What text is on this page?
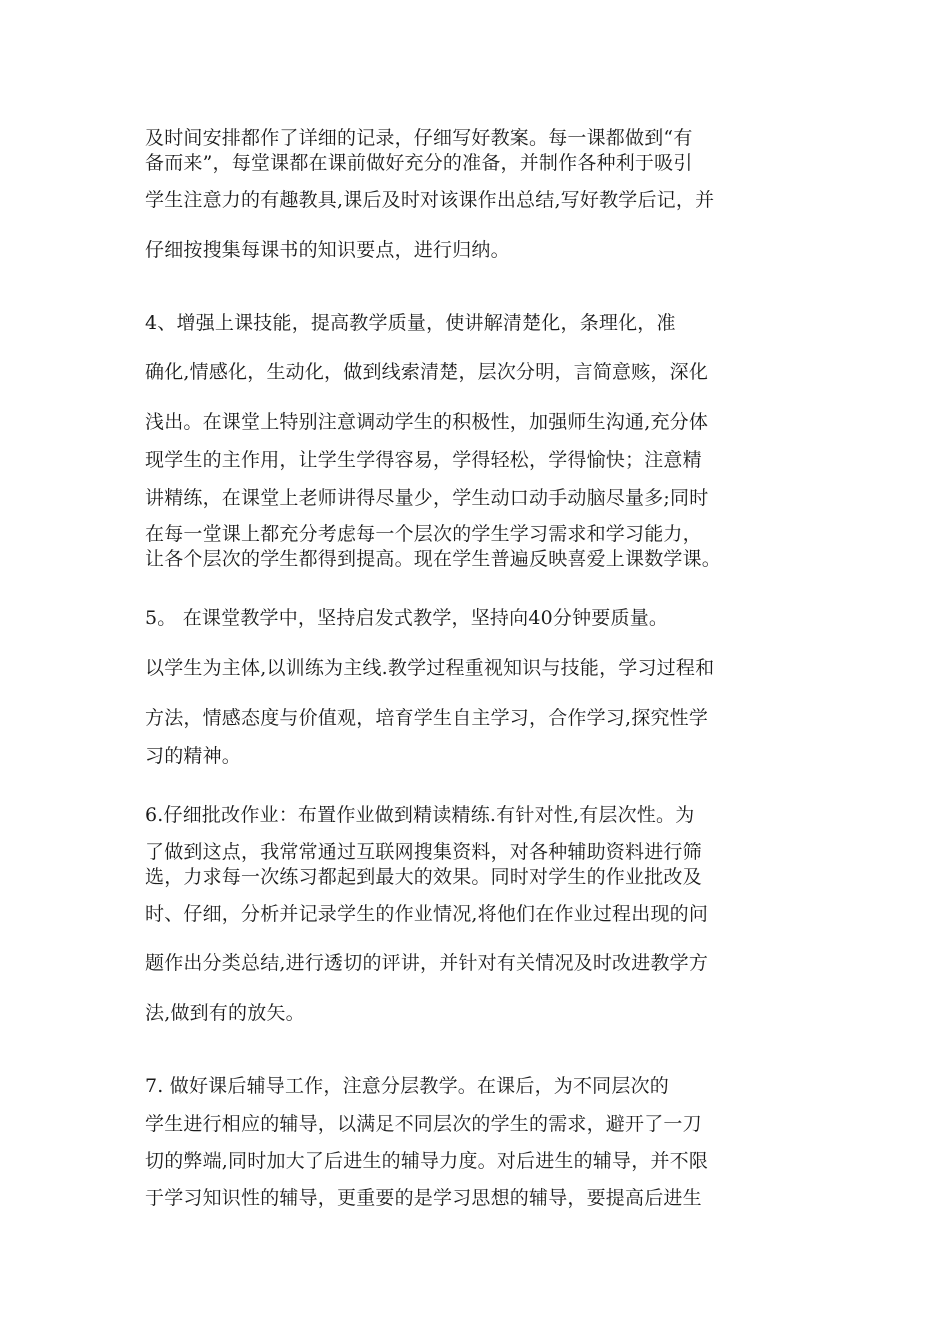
及时间安排都作了详细的记录，仔细写好教案。每一课都做到“有
备而来”，每堂课都在课前做好充分的准备，并制作各种利于吸引
学生注意力的有趣教具,课后及时对该课作出总结,写好教学后记，并
仔细按搜集每课书的知识要点，进行归纳。
4、增强上课技能，提高教学质量，使讲解清楚化，条理化，准
确化,情感化，生动化，做到线索清楚，层次分明，言简意赅，深化
浅出。在课堂上特别注意调动学生的积极性，加强师生沟通,充分体
现学生的主作用，让学生学得容易，学得轻松，学得愉快；注意精
讲精练，在课堂上老师讲得尽量少，学生动口动手动脑尽量多;同时
在每一堂课上都充分考虑每一个层次的学生学习需求和学习能力，
让各个层次的学生都得到提高。现在学生普遍反映喜爱上课数学课。
5。 在课堂教学中，坚持启发式教学，坚持向40分钟要质量。
以学生为主体,以训练为主线.教学过程重视知识与技能，学习过程和
方法，情感态度与价值观，培育学生自主学习，合作学习,探究性学
习的精神。
6.仔细批改作业：布置作业做到精读精练.有针对性,有层次性。为
了做到这点，我常常通过互联网搜集资料，对各种辅助资料进行筛
选，力求每一次练习都起到最大的效果。同时对学生的作业批改及
时、仔细，分析并记录学生的作业情况,将他们在作业过程出现的问
题作出分类总结,进行透切的评讲，并针对有关情况及时改进教学方
法,做到有的放矢。
7. 做好课后辅导工作，注意分层教学。在课后，为不同层次的
学生进行相应的辅导，以满足不同层次的学生的需求，避开了一刀
切的弊端,同时加大了后进生的辅导力度。对后进生的辅导，并不限
于学习知识性的辅导，更重要的是学习思想的辅导，要提高后进生
